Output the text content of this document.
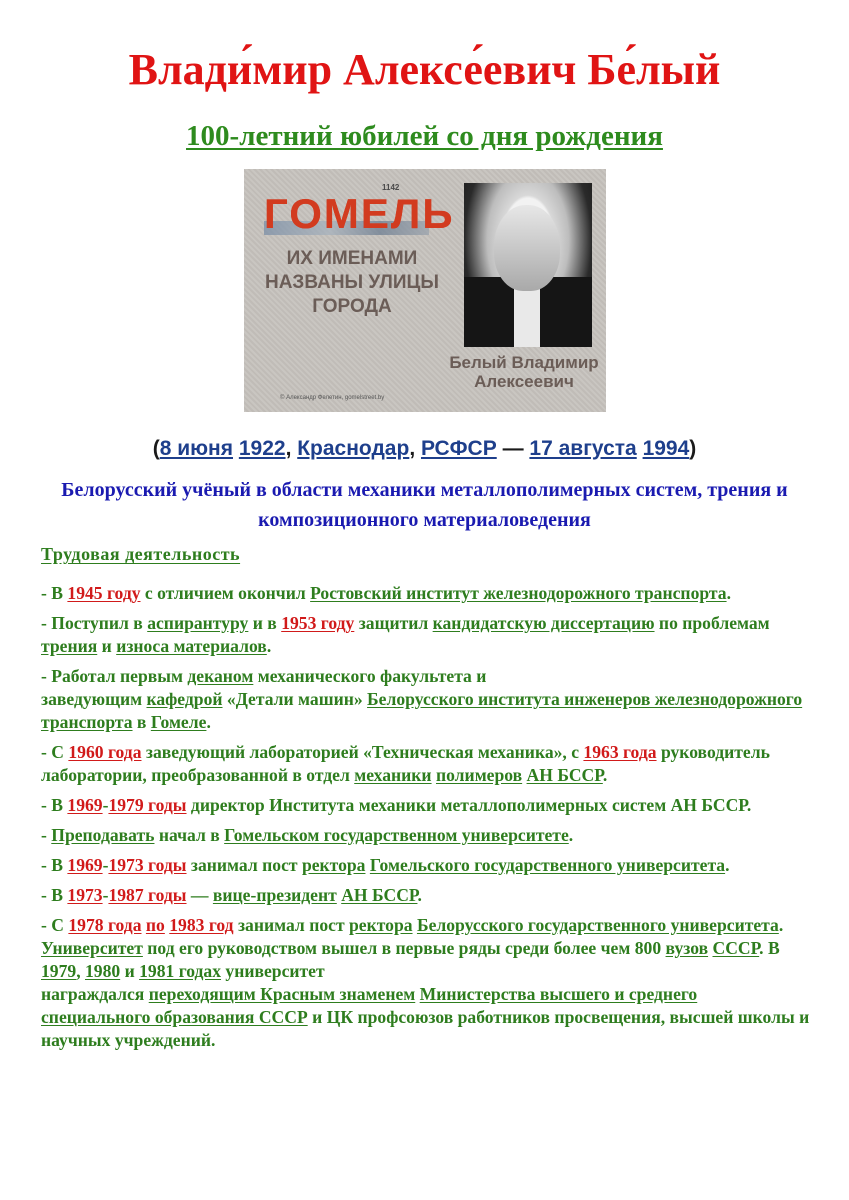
Влади́мир Алексе́евич Бе́лый
100-летний юбилей со дня рождения
ГОМЕЛЬ
1142
ИХ ИМЕНАМИ НАЗВАНЫ УЛИЦЫ ГОРОДА
Белый Владимир Алексеевич
© Александр Фелетин, gomelstreet.by
(8 июня 1922, Краснодар, РСФСР — 17 августа 1994)
Белорусский учёный в области механики металлополимерных систем, трения и композиционного материаловедения
Трудовая деятельность
- В 1945 году с отличием окончил Ростовский институт железнодорожного транспорта.
- Поступил в аспирантуру и в 1953 году защитил кандидатскую диссертацию по проблемам трения и износа материалов.
- Работал первым деканом механического факультета и
заведующим кафедрой «Детали машин» Белорусского института инженеров железнодорожного транспорта в Гомеле.
- С 1960 года заведующий лабораторией «Техническая механика», с 1963 года руководитель лаборатории, преобразованной в отдел механики полимеров АН БССР.
- В 1969-1979 годы директор Института механики металлополимерных систем АН БССР.
- Преподавать начал в Гомельском государственном университете.
- В 1969-1973 годы занимал пост ректора Гомельского государственного университета.
- В 1973-1987 годы — вице-президент АН БССР.
- С 1978 года по 1983 год занимал пост ректора Белорусского государственного университета. Университет под его руководством вышел в первые ряды среди более чем 800 вузов СССР. В 1979, 1980 и 1981 годах университет
награждался переходящим Красным знаменем Министерства высшего и среднего специального образования СССР и ЦК профсоюзов работников просвещения, высшей школы и научных учреждений.
